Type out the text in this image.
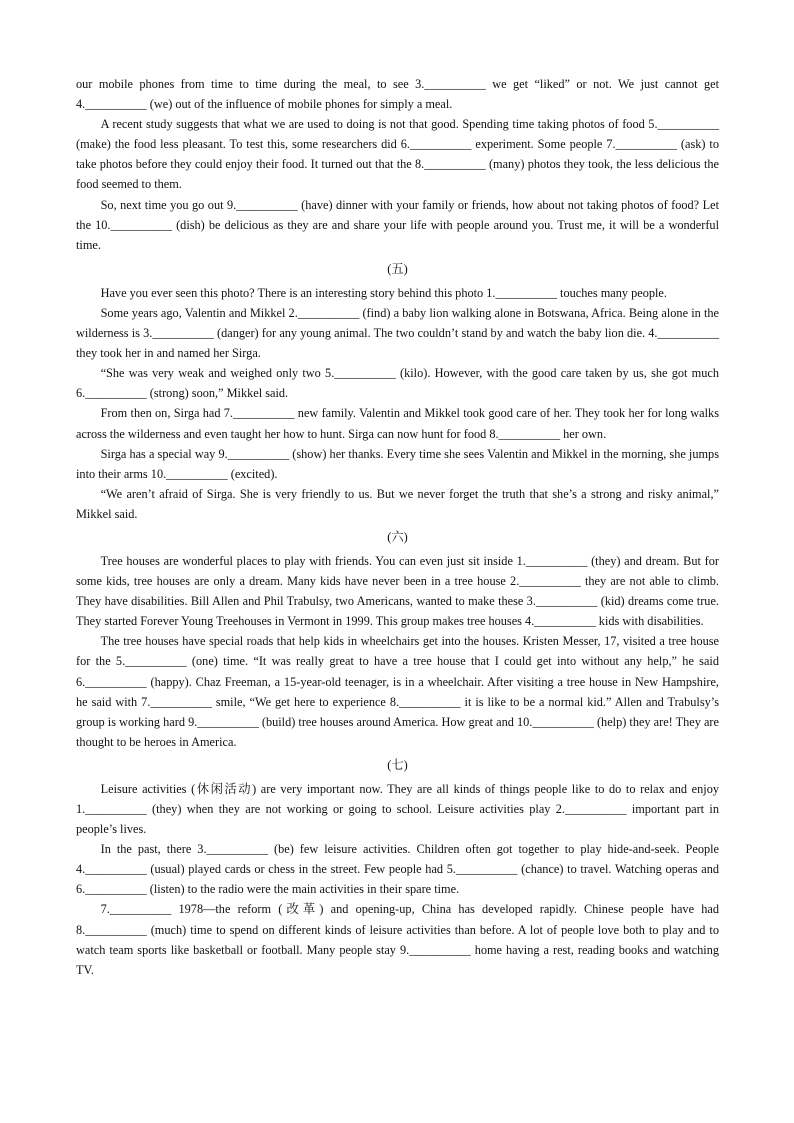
our mobile phones from time to time during the meal, to see 3.__________ we get “liked” or not. We just cannot get 4.__________ (we) out of the influence of mobile phones for simply a meal.

A recent study suggests that what we are used to doing is not that good. Spending time taking photos of food 5.__________ (make) the food less pleasant. To test this, some researchers did 6.__________ experiment. Some people 7.__________ (ask) to take photos before they could enjoy their food. It turned out that the 8.__________ (many) photos they took, the less delicious the food seemed to them.

So, next time you go out 9.__________ (have) dinner with your family or friends, how about not taking photos of food? Let the 10.__________ (dish) be delicious as they are and share your life with people around you. Trust me, it will be a wonderful time.

(五)

Have you ever seen this photo? There is an interesting story behind this photo 1.__________ touches many people.

Some years ago, Valentin and Mikkel 2.__________ (find) a baby lion walking alone in Botswana, Africa. Being alone in the wilderness is 3.__________ (danger) for any young animal. The two couldn’t stand by and watch the baby lion die. 4.__________ they took her in and named her Sirga.

“She was very weak and weighed only two 5.__________ (kilo). However, with the good care taken by us, she got much 6.__________ (strong) soon,” Mikkel said.

From then on, Sirga had 7.__________ new family. Valentin and Mikkel took good care of her. They took her for long walks across the wilderness and even taught her how to hunt. Sirga can now hunt for food 8.__________ her own.

Sirga has a special way 9.__________ (show) her thanks. Every time she sees Valentin and Mikkel in the morning, she jumps into their arms 10.__________ (excited).

“We aren’t afraid of Sirga. She is very friendly to us. But we never forget the truth that she’s a strong and risky animal,” Mikkel said.

(六)

Tree houses are wonderful places to play with friends. You can even just sit inside 1.__________ (they) and dream. But for some kids, tree houses are only a dream. Many kids have never been in a tree house 2.__________ they are not able to climb. They have disabilities. Bill Allen and Phil Trabulsy, two Americans, wanted to make these 3.__________ (kid) dreams come true. They started Forever Young Treehouses in Vermont in 1999. This group makes tree houses 4.__________ kids with disabilities.

The tree houses have special roads that help kids in wheelchairs get into the houses. Kristen Messer, 17, visited a tree house for the 5.__________ (one) time. “It was really great to have a tree house that I could get into without any help,” he said 6.__________ (happy). Chaz Freeman, a 15-year-old teenager, is in a wheelchair. After visiting a tree house in New Hampshire, he said with 7.__________ smile, “We get here to experience 8.__________ it is like to be a normal kid.” Allen and Trabulsy’s group is working hard 9.__________ (build) tree houses around America. How great and 10.__________ (help) they are! They are thought to be heroes in America.

(七)

Leisure activities (休闲活动) are very important now. They are all kinds of things people like to do to relax and enjoy 1.__________ (they) when they are not working or going to school. Leisure activities play 2.__________ important part in people’s lives.

In the past, there 3.__________ (be) few leisure activities. Children often got together to play hide-and-seek. People 4.__________ (usual) played cards or chess in the street. Few people had 5.__________ (chance) to travel. Watching operas and 6.__________ (listen) to the radio were the main activities in their spare time.

7.__________ 1978—the reform (改革) and opening-up, China has developed rapidly. Chinese people have had 8.__________ (much) time to spend on different kinds of leisure activities than before. A lot of people love both to play and to watch team sports like basketball or football. Many people stay 9.__________ home having a rest, reading books and watching TV.
